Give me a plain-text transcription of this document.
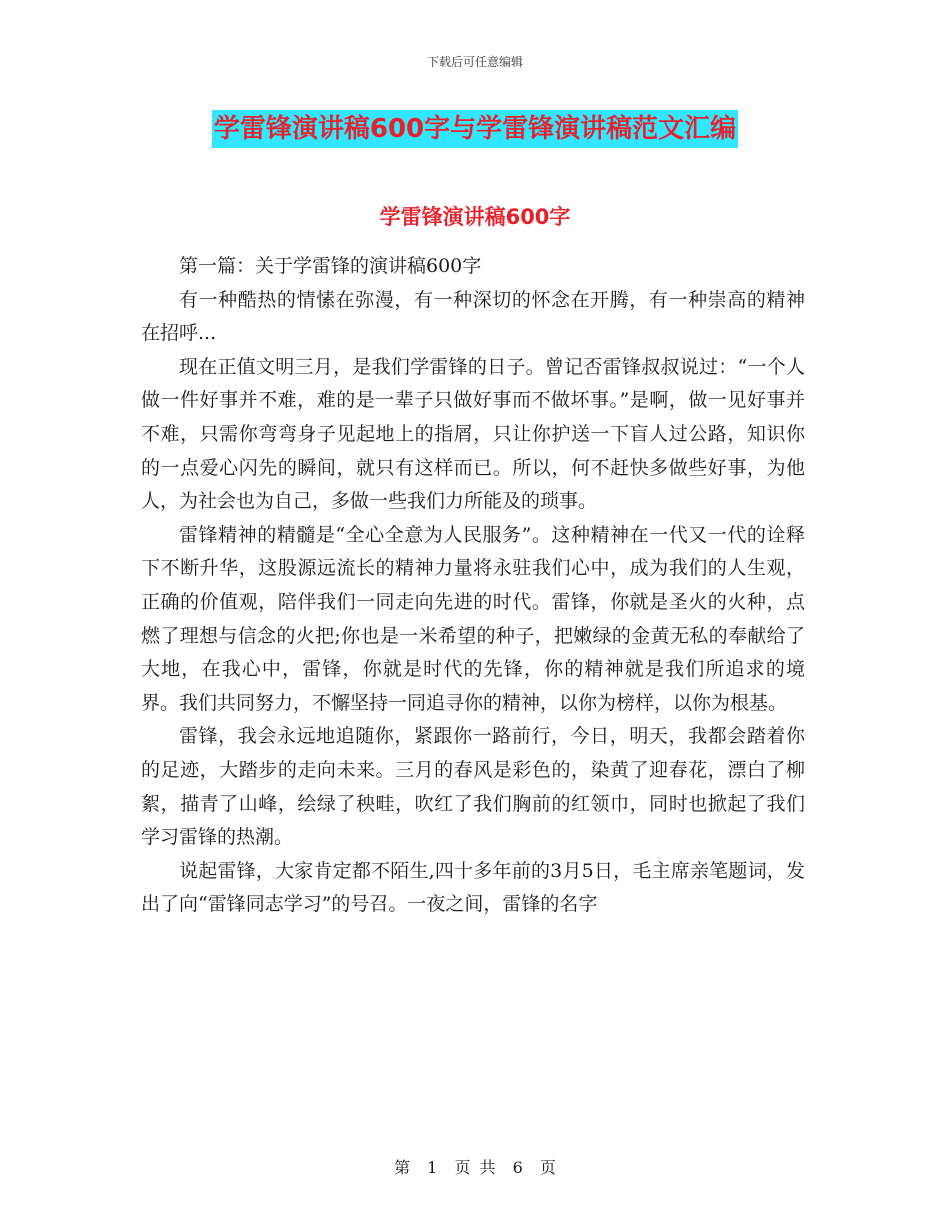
下载后可任意编辑
学雷锋演讲稿600字与学雷锋演讲稿范文汇编
学雷锋演讲稿600字

第一篇：关于学雷锋的演讲稿600字

有一种酷热的情愫在弥漫，有一种深切的怀念在开腾，有一种崇高的精神在招呼...

现在正值文明三月，是我们学雷锋的日子。曾记否雷锋叔叔说过：“一个人做一件好事并不难，难的是一辈子只做好事而不做坏事。”是啊，做一见好事并不难，只需你弯弯身子见起地上的指屑，只让你护送一下盲人过公路，知识你的一点爱心闪先的瞬间，就只有这样而已。所以，何不赶快多做些好事，为他人，为社会也为自己，多做一些我们力所能及的琐事。

雷锋精神的精髓是“全心全意为人民服务”。这种精神在一代又一代的诠释下不断升华，这股源远流长的精神力量将永驻我们心中，成为我们的人生观，正确的价值观，陪伴我们一同走向先进的时代。雷锋，你就是圣火的火种，点燃了理想与信念的火把;你也是一米希望的种子，把嫩绿的金黄无私的奉献给了大地，在我心中，雷锋，你就是时代的先锋，你的精神就是我们所追求的境界。我们共同努力，不懈坚持一同追寻你的精神，以你为榜样，以你为根基。

雷锋，我会永远地追随你，紧跟你一路前行，今日，明天，我都会踏着你的足迹，大踏步的走向未来。三月的春风是彩色的，染黄了迎春花，漂白了柳絮，描青了山峰，绘绿了秧畦，吹红了我们胸前的红领巾，同时也掀起了我们学习雷锋的热潮。

说起雷锋，大家肯定都不陌生,四十多年前的3月5日，毛主席亲笔题词，发出了向“雷锋同志学习”的号召。一夜之间，雷锋的名字

第 1 页 共 6 页
